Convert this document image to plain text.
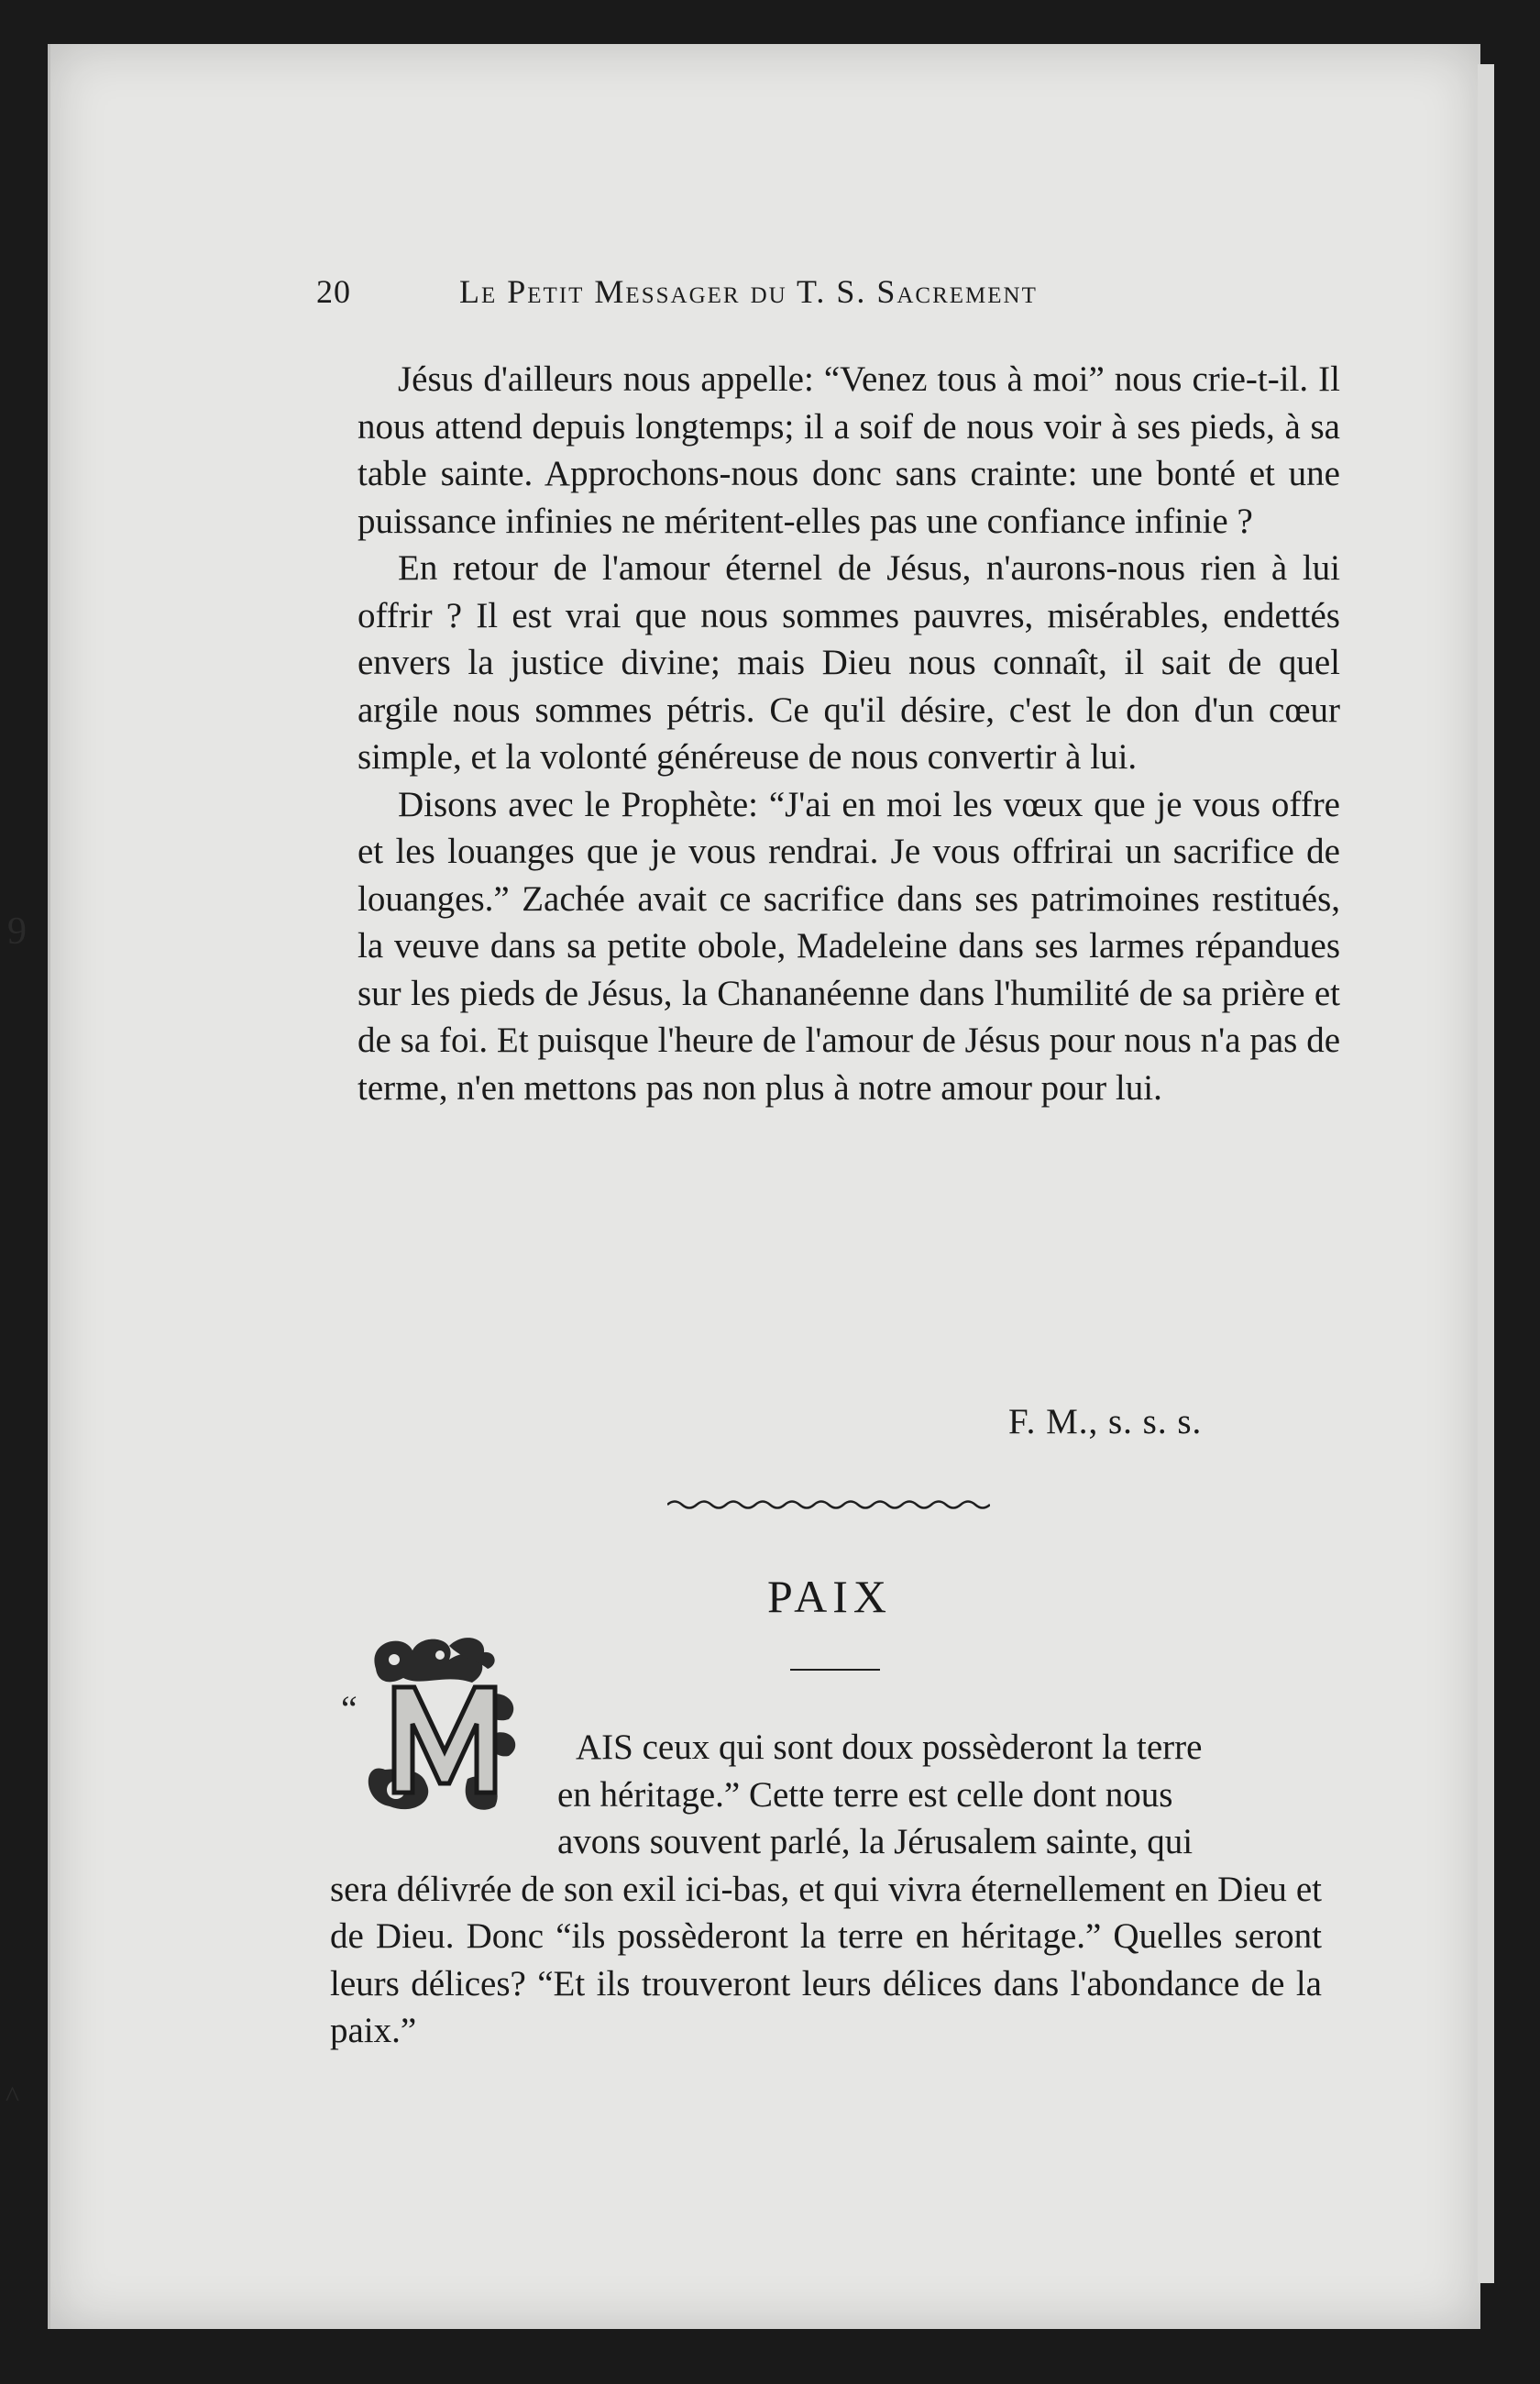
9
^
20	Le Petit Messager du T. S. Sacrement

Jésus d'ailleurs nous appelle: “Venez tous à moi” nous crie-t-il. Il nous attend depuis longtemps; il a soif de nous voir à ses pieds, à sa table sainte. Approchons-nous donc sans crainte: une bonté et une puissance infinies ne méritent-elles pas une confiance infinie ?

En retour de l'amour éternel de Jésus, n'aurons-nous rien à lui offrir ? Il est vrai que nous sommes pauvres, misérables, endettés envers la justice divine; mais Dieu nous connaît, il sait de quel argile nous sommes pétris. Ce qu'il désire, c'est le don d'un cœur simple, et la volonté généreuse de nous convertir à lui.

Disons avec le Prophète: “J'ai en moi les vœux que je vous offre et les louanges que je vous rendrai. Je vous offrirai un sacrifice de louanges.” Zachée avait ce sacrifice dans ses patrimoines restitués, la veuve dans sa petite obole, Madeleine dans ses larmes répandues sur les pieds de Jésus, la Chananéenne dans l'humilité de sa prière et de sa foi. Et puisque l'heure de l'amour de Jésus pour nous n'a pas de terme, n'en mettons pas non plus à notre amour pour lui.

F. M., s. s. s.
PAIX
“
AIS ceux qui sont doux possèderont la terre
en héritage.” Cette terre est celle dont nous
avons souvent parlé, la Jérusalem sainte, qui

sera délivrée de son exil ici-bas, et qui vivra éternellement en Dieu et de Dieu. Donc “ils possèderont la terre en héritage.” Quelles seront leurs délices? “Et ils trouveront leurs délices dans l'abondance de la paix.”
